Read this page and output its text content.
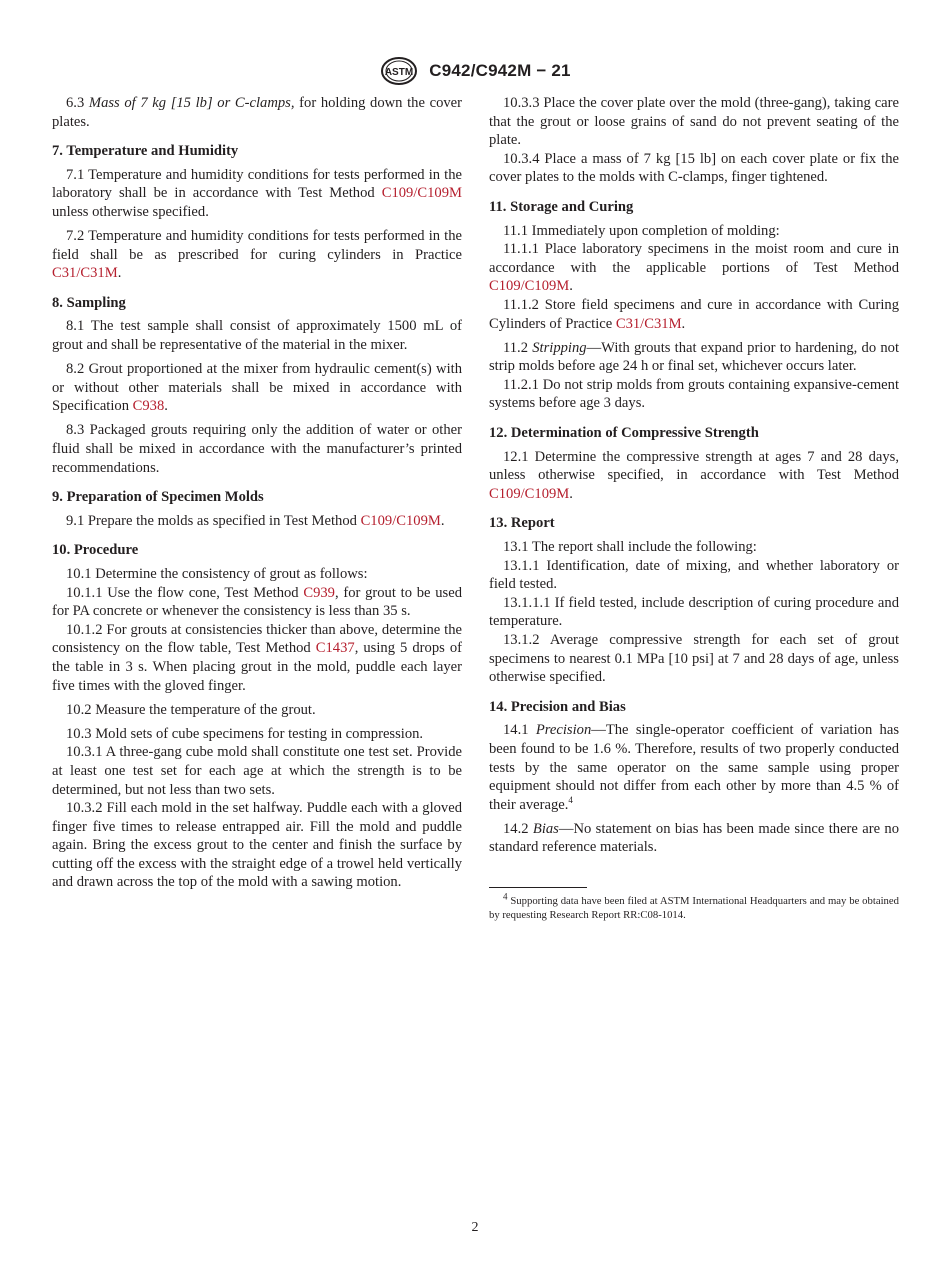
ASTM C942/C942M − 21

6.3 Mass of 7 kg [15 lb] or C-clamps, for holding down the cover plates.

7. Temperature and Humidity

7.1 Temperature and humidity conditions for tests performed in the laboratory shall be in accordance with Test Method C109/C109M unless otherwise specified.

7.2 Temperature and humidity conditions for tests performed in the field shall be as prescribed for curing cylinders in Practice C31/C31M.

8. Sampling

8.1 The test sample shall consist of approximately 1500 mL of grout and shall be representative of the material in the mixer.

8.2 Grout proportioned at the mixer from hydraulic cement(s) with or without other materials shall be mixed in accordance with Specification C938.

8.3 Packaged grouts requiring only the addition of water or other fluid shall be mixed in accordance with the manufacturer’s printed recommendations.

9. Preparation of Specimen Molds

9.1 Prepare the molds as specified in Test Method C109/C109M.

10. Procedure

10.1 Determine the consistency of grout as follows:

10.1.1 Use the flow cone, Test Method C939, for grout to be used for PA concrete or whenever the consistency is less than 35 s.

10.1.2 For grouts at consistencies thicker than above, determine the consistency on the flow table, Test Method C1437, using 5 drops of the table in 3 s. When placing grout in the mold, puddle each layer five times with the gloved finger.

10.2 Measure the temperature of the grout.

10.3 Mold sets of cube specimens for testing in compression.

10.3.1 A three-gang cube mold shall constitute one test set. Provide at least one test set for each age at which the strength is to be determined, but not less than two sets.

10.3.2 Fill each mold in the set halfway. Puddle each with a gloved finger five times to release entrapped air. Fill the mold and puddle again. Bring the excess grout to the center and finish the surface by cutting off the excess with the straight edge of a trowel held vertically and drawn across the top of the mold with a sawing motion.

10.3.3 Place the cover plate over the mold (three-gang), taking care that the grout or loose grains of sand do not prevent seating of the plate.

10.3.4 Place a mass of 7 kg [15 lb] on each cover plate or fix the cover plates to the molds with C-clamps, finger tightened.

11. Storage and Curing

11.1 Immediately upon completion of molding:

11.1.1 Place laboratory specimens in the moist room and cure in accordance with the applicable portions of Test Method C109/C109M.

11.1.2 Store field specimens and cure in accordance with Curing Cylinders of Practice C31/C31M.

11.2 Stripping—With grouts that expand prior to hardening, do not strip molds before age 24 h or final set, whichever occurs later.

11.2.1 Do not strip molds from grouts containing expansive-cement systems before age 3 days.

12. Determination of Compressive Strength

12.1 Determine the compressive strength at ages 7 and 28 days, unless otherwise specified, in accordance with Test Method C109/C109M.

13. Report

13.1 The report shall include the following:

13.1.1 Identification, date of mixing, and whether laboratory or field tested.

13.1.1.1 If field tested, include description of curing procedure and temperature.

13.1.2 Average compressive strength for each set of grout specimens to nearest 0.1 MPa [10 psi] at 7 and 28 days of age, unless otherwise specified.

14. Precision and Bias

14.1 Precision—The single-operator coefficient of variation has been found to be 1.6 %. Therefore, results of two properly conducted tests by the same operator on the same sample using proper equipment should not differ from each other by more than 4.5 % of their average.$^4$

14.2 Bias—No statement on bias has been made since there are no standard reference materials.

$^4$ Supporting data have been filed at ASTM International Headquarters and may be obtained by requesting Research Report RR:C08-1014.

2
